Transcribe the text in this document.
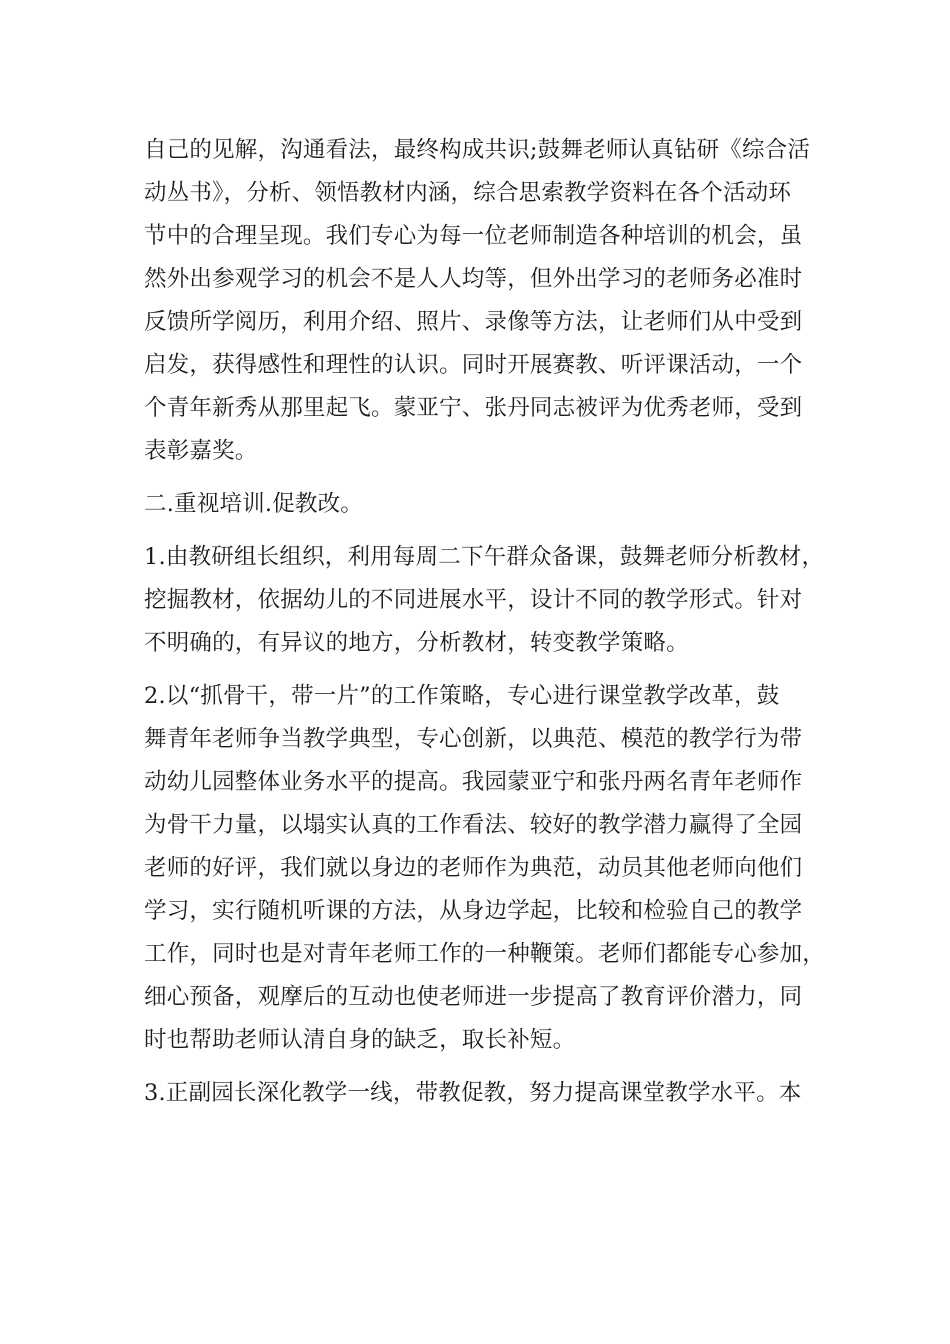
自己的见解，沟通看法，最终构成共识;鼓舞老师认真钻研《综合活
动丛书》，分析、领悟教材内涵，综合思索教学资料在各个活动环
节中的合理呈现。我们专心为每一位老师制造各种培训的机会，虽
然外出参观学习的机会不是人人均等，但外出学习的老师务必准时
反馈所学阅历，利用介绍、照片、录像等方法，让老师们从中受到
启发，获得感性和理性的认识。同时开展赛教、听评课活动，一个
个青年新秀从那里起飞。蒙亚宁、张丹同志被评为优秀老师，受到
表彰嘉奖。
二.重视培训.促教改。
1.由教研组长组织，利用每周二下午群众备课，鼓舞老师分析教材，
挖掘教材，依据幼儿的不同进展水平，设计不同的教学形式。针对
不明确的，有异议的地方，分析教材，转变教学策略。
2.以“抓骨干，带一片”的工作策略，专心进行课堂教学改革，鼓
舞青年老师争当教学典型，专心创新，以典范、模范的教学行为带
动幼儿园整体业务水平的提高。我园蒙亚宁和张丹两名青年老师作
为骨干力量，以塌实认真的工作看法、较好的教学潜力赢得了全园
老师的好评，我们就以身边的老师作为典范，动员其他老师向他们
学习，实行随机听课的方法，从身边学起，比较和检验自己的教学
工作，同时也是对青年老师工作的一种鞭策。老师们都能专心参加，
细心预备，观摩后的互动也使老师进一步提高了教育评价潜力，同
时也帮助老师认清自身的缺乏，取长补短。
3.正副园长深化教学一线，带教促教，努力提高课堂教学水平。本
